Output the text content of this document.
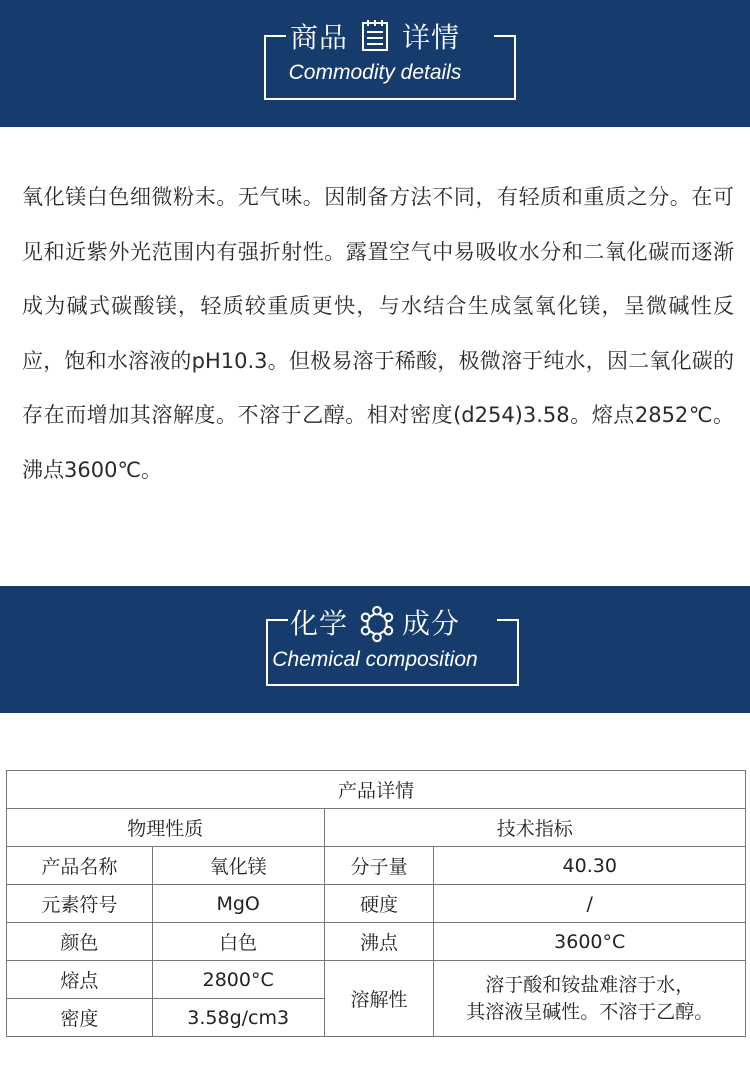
商品 详情
Commodity details
氧化镁白色细微粉末。无气味。因制备方法不同，有轻质和重质之分。在可见和近紫外光范围内有强折射性。露置空气中易吸收水分和二氧化碳而逐渐成为碱式碳酸镁，轻质较重质更快，与水结合生成氢氧化镁，呈微碱性反应，饱和水溶液的pH10.3。但极易溶于稀酸，极微溶于纯水，因二氧化碳的存在而增加其溶解度。不溶于乙醇。相对密度(d254)3.58。熔点2852℃。沸点3600℃。
化学 成分
Chemical composition
产品详情			
物理性质		技术指标	
产品名称	氧化镁	分子量	40.30
元素符号	MgO	硬度	/
颜色	白色	沸点	3600°C
熔点	2800°C	溶解性	溶于酸和铵盐难溶于水，
其溶液呈碱性。不溶于乙醇。

密度	3.58g/cm3		
